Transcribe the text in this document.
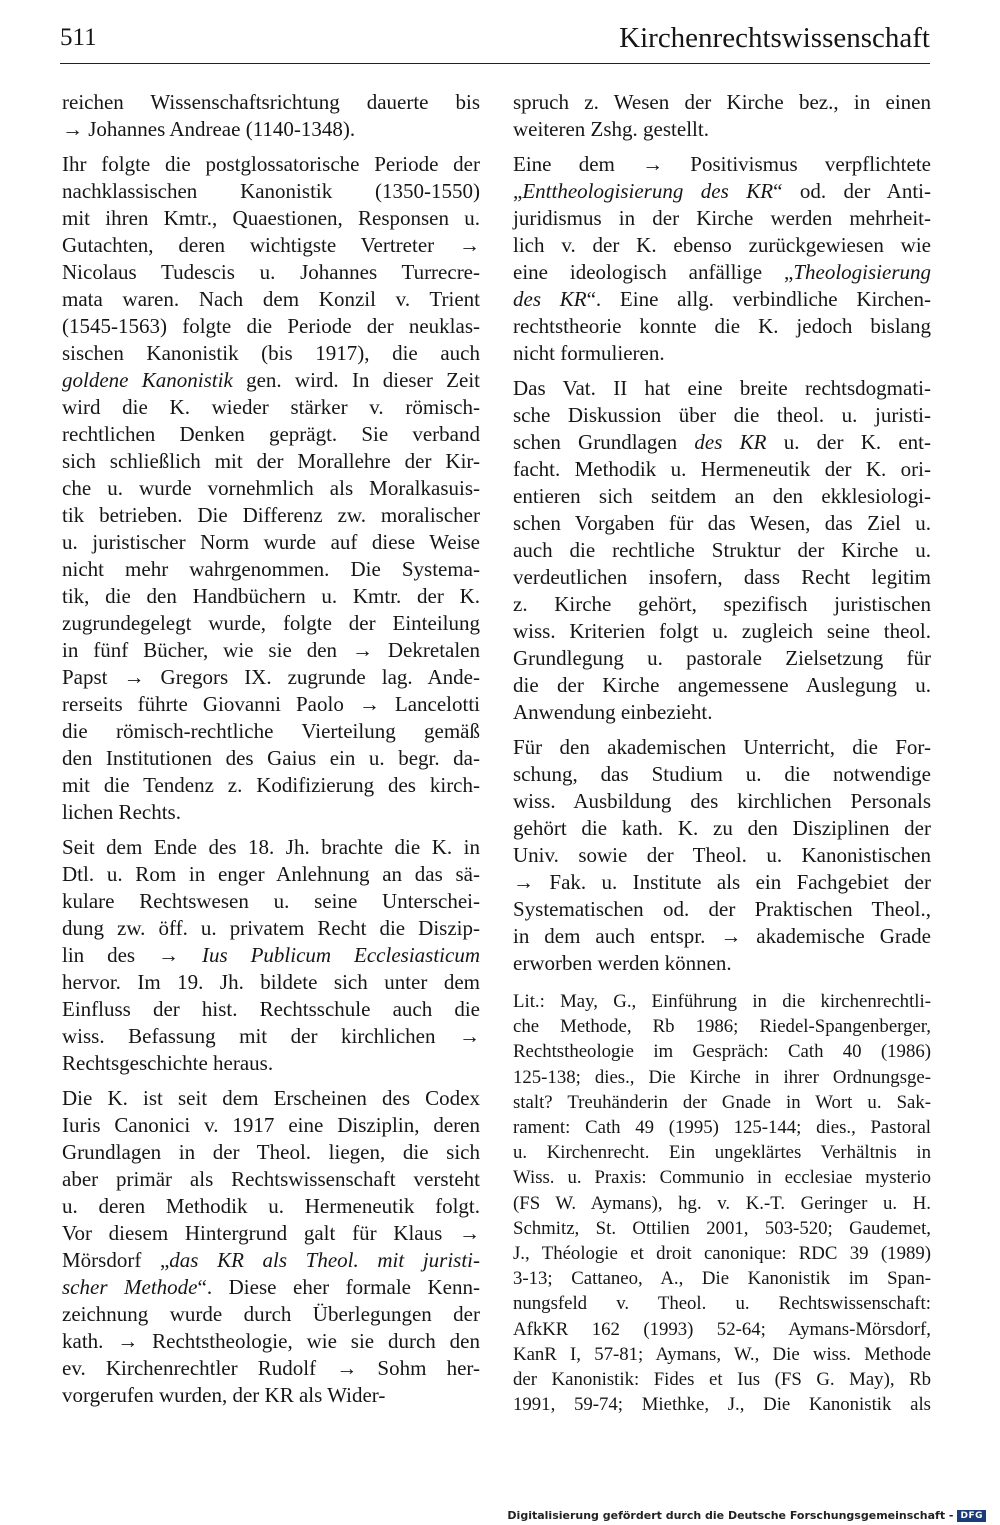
511	Kirchenrechtswissenschaft

reichen Wissenschaftsrichtung dauerte bis
→ Johannes Andreae (1140-1348).

Ihr folgte die postglossatorische Periode der
nachklassischen Kanonistik (1350-1550)
mit ihren Kmtr., Quaestionen, Responsen u.
Gutachten, deren wichtigste Vertreter →
Nicolaus Tudescis u. Johannes Turrecre-
mata waren. Nach dem Konzil v. Trient
(1545-1563) folgte die Periode der neuklas-
sischen Kanonistik (bis 1917), die auch
goldene Kanonistik gen. wird. In dieser Zeit
wird die K. wieder stärker v. römisch-
rechtlichen Denken geprägt. Sie verband
sich schließlich mit der Morallehre der Kir-
che u. wurde vornehmlich als Moralkasuis-
tik betrieben. Die Differenz zw. moralischer
u. juristischer Norm wurde auf diese Weise
nicht mehr wahrgenommen. Die Systema-
tik, die den Handbüchern u. Kmtr. der K.
zugrundegelegt wurde, folgte der Einteilung
in fünf Bücher, wie sie den → Dekretalen
Papst → Gregors IX. zugrunde lag. Ande-
rerseits führte Giovanni Paolo → Lancelotti
die römisch-rechtliche Vierteilung gemäß
den Institutionen des Gaius ein u. begr. da-
mit die Tendenz z. Kodifizierung des kirch-
lichen Rechts.

Seit dem Ende des 18. Jh. brachte die K. in
Dtl. u. Rom in enger Anlehnung an das sä-
kulare Rechtswesen u. seine Unterschei-
dung zw. öff. u. privatem Recht die Diszip-
lin des → Ius Publicum Ecclesiasticum
hervor. Im 19. Jh. bildete sich unter dem
Einfluss der hist. Rechtsschule auch die
wiss. Befassung mit der kirchlichen →
Rechtsgeschichte heraus.

Die K. ist seit dem Erscheinen des Codex
Iuris Canonici v. 1917 eine Disziplin, deren
Grundlagen in der Theol. liegen, die sich
aber primär als Rechtswissenschaft versteht
u. deren Methodik u. Hermeneutik folgt.
Vor diesem Hintergrund galt für Klaus →
Mörsdorf „das KR als Theol. mit juristi-
scher Methode“. Diese eher formale Kenn-
zeichnung wurde durch Überlegungen der
kath. → Rechtstheologie, wie sie durch den
ev. Kirchenrechtler Rudolf → Sohm her-
vorgerufen wurden, der KR als Wider-

spruch z. Wesen der Kirche bez., in einen
weiteren Zshg. gestellt.

Eine dem → Positivismus verpflichtete
„Enttheologisierung des KR“ od. der Anti-
juridismus in der Kirche werden mehrheit-
lich v. der K. ebenso zurückgewiesen wie
eine ideologisch anfällige „Theologisierung
des KR“. Eine allg. verbindliche Kirchen-
rechtstheorie konnte die K. jedoch bislang
nicht formulieren.

Das Vat. II hat eine breite rechtsdogmati-
sche Diskussion über die theol. u. juristi-
schen Grundlagen des KR u. der K. ent-
facht. Methodik u. Hermeneutik der K. ori-
entieren sich seitdem an den ekklesiologi-
schen Vorgaben für das Wesen, das Ziel u.
auch die rechtliche Struktur der Kirche u.
verdeutlichen insofern, dass Recht legitim
z. Kirche gehört, spezifisch juristischen
wiss. Kriterien folgt u. zugleich seine theol.
Grundlegung u. pastorale Zielsetzung für
die der Kirche angemessene Auslegung u.
Anwendung einbezieht.

Für den akademischen Unterricht, die For-
schung, das Studium u. die notwendige
wiss. Ausbildung des kirchlichen Personals
gehört die kath. K. zu den Disziplinen der
Univ. sowie der Theol. u. Kanonistischen
→ Fak. u. Institute als ein Fachgebiet der
Systematischen od. der Praktischen Theol.,
in dem auch entspr. → akademische Grade
erworben werden können.

Lit.: May, G., Einführung in die kirchenrechtli-
che Methode, Rb 1986; Riedel-Spangenberger,
Rechtstheologie im Gespräch: Cath 40 (1986)
125-138; dies., Die Kirche in ihrer Ordnungsge-
stalt? Treuhänderin der Gnade in Wort u. Sak-
rament: Cath 49 (1995) 125-144; dies., Pastoral
u. Kirchenrecht. Ein ungeklärtes Verhältnis in
Wiss. u. Praxis: Communio in ecclesiae mysterio
(FS W. Aymans), hg. v. K.-T. Geringer u. H.
Schmitz, St. Ottilien 2001, 503-520; Gaudemet,
J., Théologie et droit canonique: RDC 39 (1989)
3-13; Cattaneo, A., Die Kanonistik im Span-
nungsfeld v. Theol. u. Rechtswissenschaft:
AfkKR 162 (1993) 52-64; Aymans-Mörsdorf,
KanR I, 57-81; Aymans, W., Die wiss. Methode
der Kanonistik: Fides et Ius (FS G. May), Rb
1991, 59-74; Miethke, J., Die Kanonistik als

Digitalisierung gefördert durch die Deutsche Forschungsgemeinschaft - DFG
